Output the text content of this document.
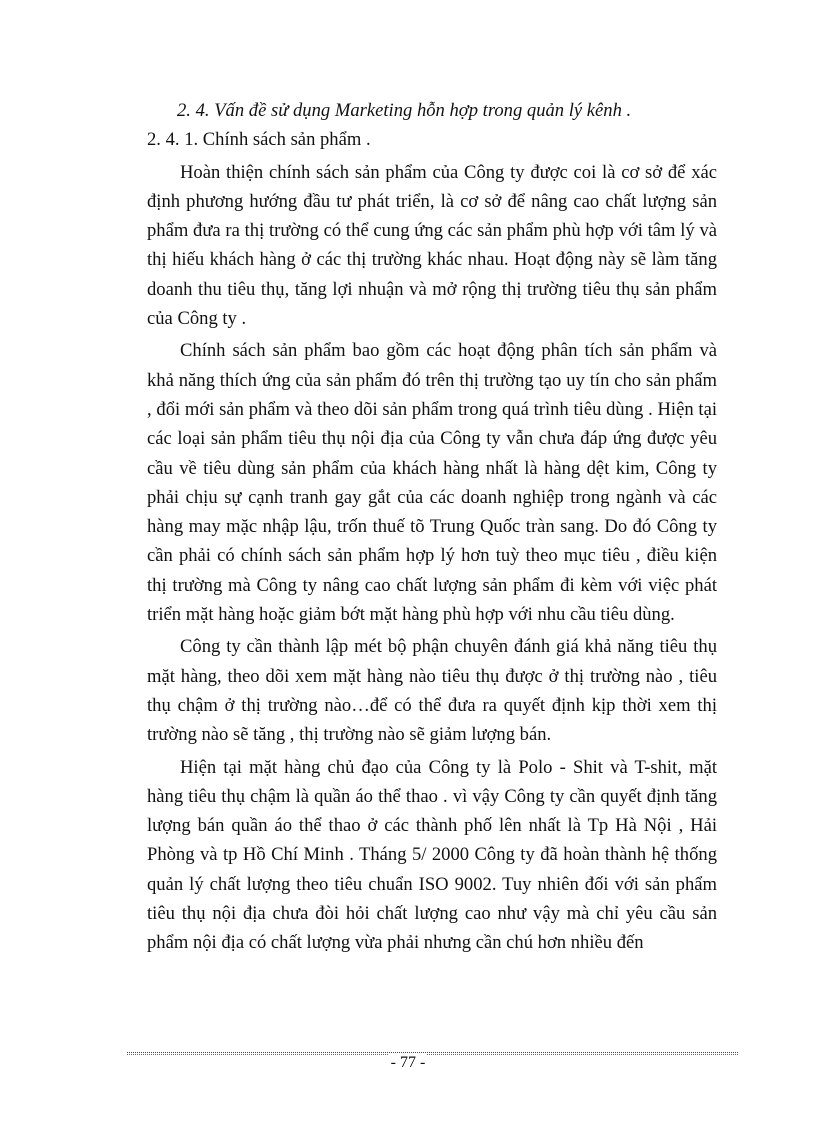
2. 4. Vấn đề sử dụng Marketing hỗn hợp trong quản lý kênh .

2. 4. 1. Chính sách sản phẩm .

Hoàn thiện chính sách sản phẩm của Công ty được coi là cơ sở để xác định phương hướng đầu tư phát triển, là cơ sở để nâng cao chất lượng sản phẩm đưa ra thị trường có thể cung ứng các sản phẩm phù hợp với tâm lý và thị hiếu khách hàng ở các thị trường khác nhau. Hoạt động này sẽ làm tăng doanh thu tiêu thụ, tăng lợi nhuận và mở rộng thị trường tiêu thụ sản phẩm của Công ty .

Chính sách sản phẩm bao gồm các hoạt động phân tích sản phẩm và khả năng thích ứng của sản phẩm đó trên thị trường tạo uy tín cho sản phẩm , đổi mới sản phẩm và theo dõi sản phẩm trong quá trình tiêu dùng . Hiện tại các loại sản phẩm tiêu thụ nội địa của Công ty vẫn chưa đáp ứng được yêu cầu về tiêu dùng sản phẩm của khách hàng nhất là hàng dệt kim, Công ty phải chịu sự cạnh tranh gay gắt của các doanh nghiệp trong ngành và các hàng may mặc nhập lậu, trốn thuế tõ Trung Quốc tràn sang. Do đó Công ty cần phải có chính sách sản phẩm hợp lý hơn tuỳ theo mục tiêu , điều kiện thị trường mà Công ty nâng cao chất lượng sản phẩm đi kèm với việc phát triển mặt hàng hoặc giảm bớt mặt hàng phù hợp với nhu cầu tiêu dùng.

Công ty cần thành lập mét bộ phận chuyên đánh giá khả năng tiêu thụ mặt hàng, theo dõi xem mặt hàng nào tiêu thụ được ở thị trường nào , tiêu thụ chậm ở thị trường nào…để có thể đưa ra quyết định kịp thời xem thị trường nào sẽ tăng , thị trường nào sẽ giảm lượng bán.

Hiện tại mặt hàng chủ đạo của Công ty là Polo - Shit và T-shit, mặt hàng tiêu thụ chậm là quần áo thể thao . vì vậy Công ty cần quyết định tăng lượng bán quần áo thể thao ở các thành phố lên nhất là Tp Hà Nội , Hải Phòng và tp Hồ Chí Minh . Tháng 5/ 2000 Công ty đã hoàn thành hệ thống quản lý chất lượng theo tiêu chuẩn ISO 9002. Tuy nhiên đối với sản phẩm tiêu thụ nội địa chưa đòi hỏi chất lượng cao như vậy mà chỉ yêu cầu sản phẩm nội địa có chất lượng vừa phải nhưng cần chú hơn nhiều đến

- 77 -
